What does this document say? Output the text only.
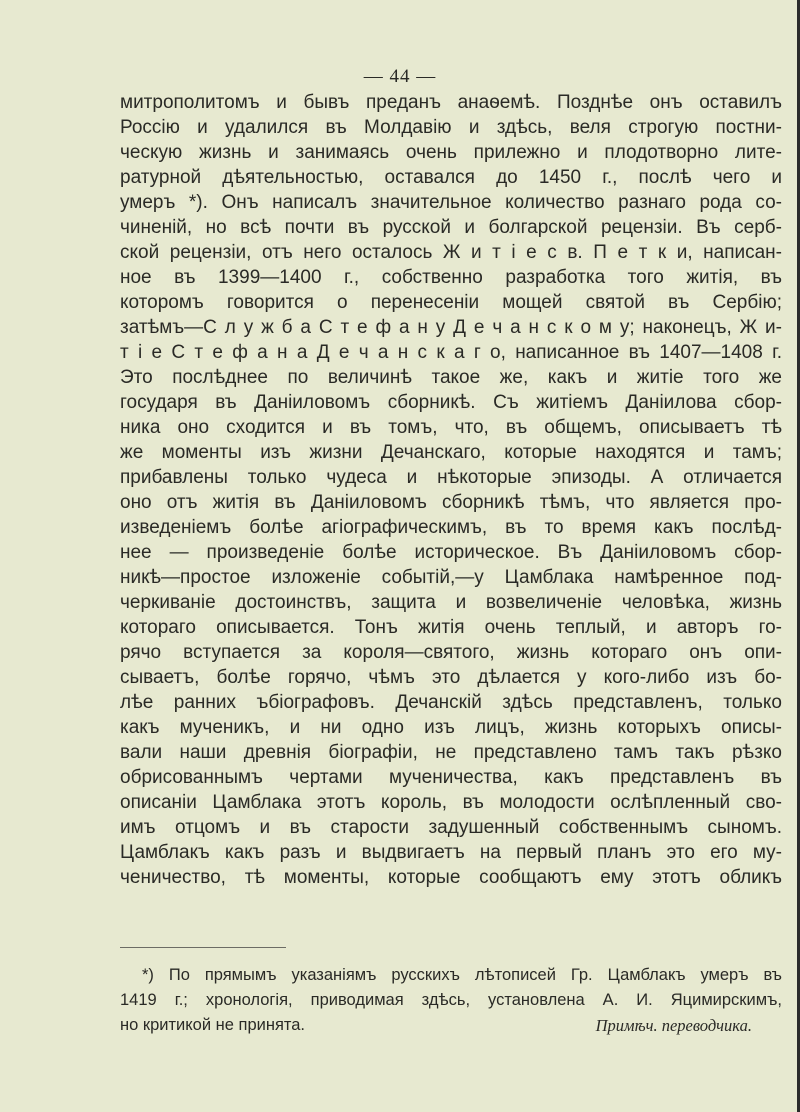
— 44 —
митрополитомъ и бывъ преданъ анаѳемѣ. Позднѣе онъ оставилъ
Россію и удалился въ Молдавію и здѣсь, веля строгую постни-
ческую жизнь и занимаясь очень прилежно и плодотворно лите-
ратурной дѣятельностью, оставался до 1450 г., послѣ чего и
умеръ *). Онъ написалъ значительное количество разнаго рода со-
чиненій, но всѣ почти въ русской и болгарской рецензіи. Въ серб-
ской рецензіи, отъ него осталось Ж и т і е с в. П е т к и, написан-
ное въ 1399—1400 г., собственно разработка того житія, въ
которомъ говорится о перенесеніи мощей святой въ Сербію;
затѣмъ—С л у ж б а С т е ф а н у Д е ч а н с к о м у; наконецъ, Ж и-
т і е С т е ф а н а Д е ч а н с к а г о, написанное въ 1407—1408 г.
Это послѣднее по величинѣ такое же, какъ и житіе того же
государя въ Даніиловомъ сборникѣ. Съ житіемъ Даніилова сбор-
ника оно сходится и въ томъ, что, въ общемъ, описываетъ тѣ
же моменты изъ жизни Дечанскаго, которые находятся и тамъ;
прибавлены только чудеса и нѣкоторые эпизоды. А отличается
оно отъ житія въ Даніиловомъ сборникѣ тѣмъ, что является про-
изведеніемъ болѣе агіографическимъ, въ то время какъ послѣд-
нее — произведеніе болѣе историческое. Въ Даніиловомъ сбор-
никѣ—простое изложеніе событій,—у Цамблака намѣренное под-
черкиваніе достоинствъ, защита и возвеличеніе человѣка, жизнь
котораго описывается. Тонъ житія очень теплый, и авторъ го-
рячо вступается за короля—святого, жизнь котораго онъ опи-
сываетъ, болѣе горячо, чѣмъ это дѣлается у кого-либо изъ бо-
лѣе ранних ъбіографовъ. Дечанскій здѣсь представленъ, только
какъ мученикъ, и ни одно изъ лицъ, жизнь которыхъ описы-
вали наши древнія біографіи, не представлено тамъ такъ рѣзко
обрисованнымъ чертами мученичества, какъ представленъ въ
описаніи Цамблака этотъ король, въ молодости ослѣпленный сво-
имъ отцомъ и въ старости задушенный собственнымъ сыномъ.
Цамблакъ какъ разъ и выдвигаетъ на первый планъ это его му-
ченичество, тѣ моменты, которые сообщаютъ ему этотъ обликъ
*) По прямымъ указаніямъ русскихъ лѣтописей Гр. Цамблакъ умеръ въ
1419 г.; хронологія, приводимая здѣсь, установлена А. И. Яцимирскимъ,
но критикой не принята.	Примѣч. переводчика.
